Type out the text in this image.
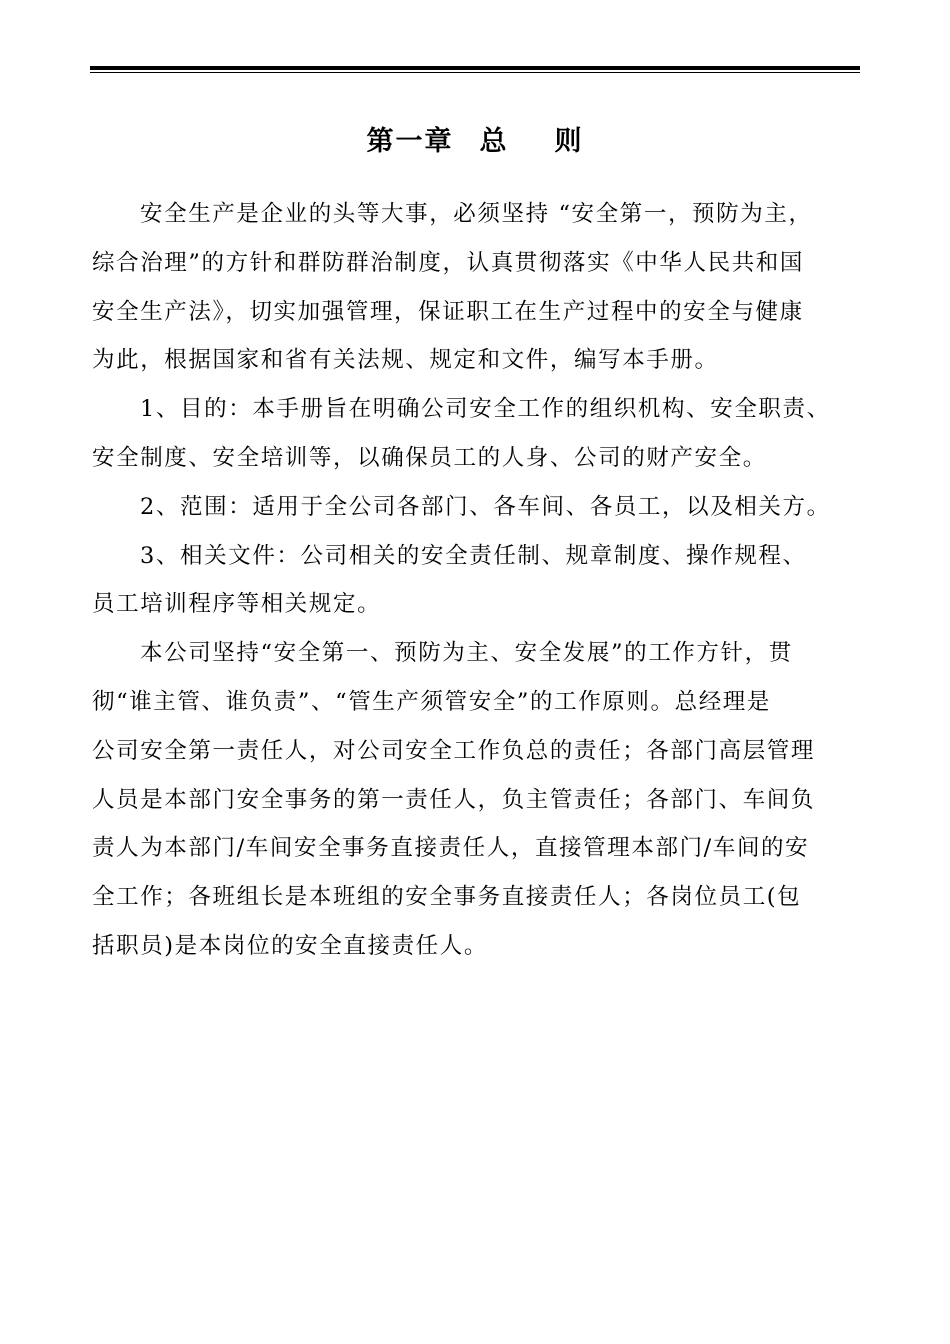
第一章 总 则
安全生产是企业的头等大事，必须坚持 “安全第一，预防为主，
综合治理”的方针和群防群治制度，认真贯彻落实《中华人民共和国
安全生产法》，切实加强管理，保证职工在生产过程中的安全与健康
为此，根据国家和省有关法规、规定和文件，编写本手册。
1、目的：本手册旨在明确公司安全工作的组织机构、安全职责、
安全制度、安全培训等，以确保员工的人身、公司的财产安全。
2、范围：适用于全公司各部门、各车间、各员工，以及相关方。
3、相关文件：公司相关的安全责任制、规章制度、操作规程、
员工培训程序等相关规定。
本公司坚持“安全第一、预防为主、安全发展”的工作方针，贯
彻“谁主管、谁负责”、“管生产须管安全”的工作原则。总经理是
公司安全第一责任人，对公司安全工作负总的责任；各部门高层管理
人员是本部门安全事务的第一责任人，负主管责任；各部门、车间负
责人为本部门/车间安全事务直接责任人，直接管理本部门/车间的安
全工作；各班组长是本班组的安全事务直接责任人；各岗位员工(包
括职员)是本岗位的安全直接责任人。
